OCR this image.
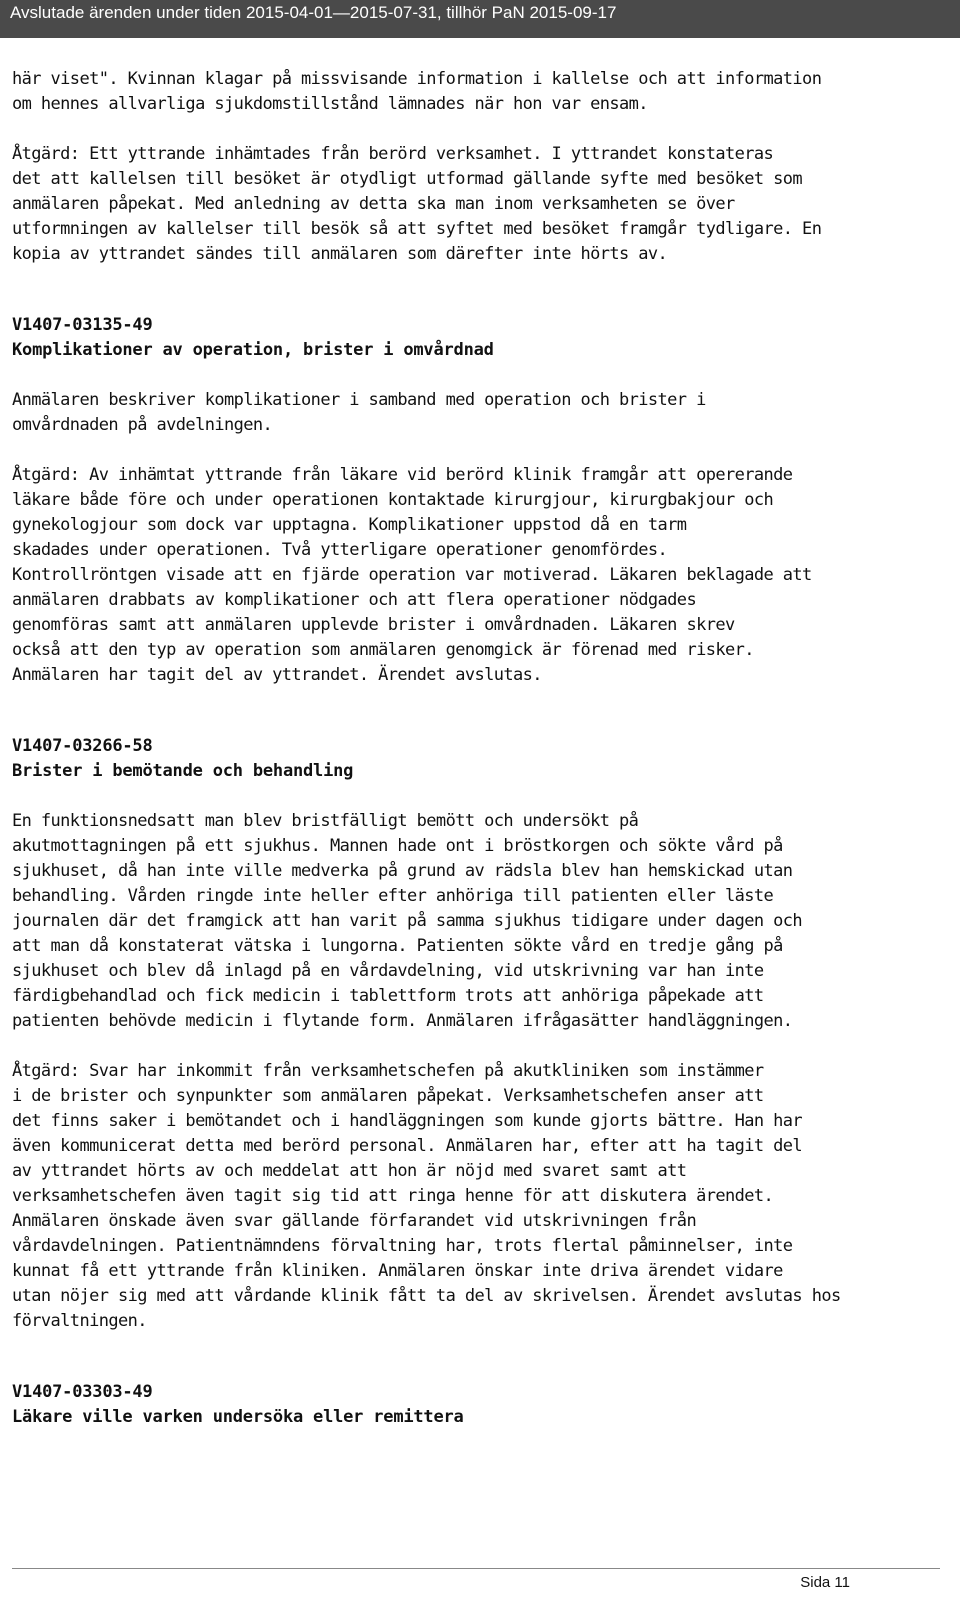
Avslutade ärenden under tiden 2015-04-01—2015-07-31, tillhör PaN 2015-09-17

här viset". Kvinnan klagar på missvisande information i kallelse och att information
om hennes allvarliga sjukdomstillstånd lämnades när hon var ensam.

Åtgärd: Ett yttrande inhämtades från berörd verksamhet. I yttrandet konstateras
det att kallelsen till besöket är otydligt utformad gällande syfte med besöket som
anmälaren påpekat. Med anledning av detta ska man inom verksamheten se över
utformningen av kallelser till besök så att syftet med besöket framgår tydligare. En
kopia av yttrandet sändes till anmälaren som därefter inte hörts av.

V1407-03135-49
Komplikationer av operation, brister i omvårdnad

Anmälaren beskriver komplikationer i samband med operation och brister i
omvårdnaden på avdelningen.

Åtgärd: Av inhämtat yttrande från läkare vid berörd klinik framgår att opererande
läkare både före och under operationen kontaktade kirurgjour, kirurgbakjour och
gynekologjour som dock var upptagna. Komplikationer uppstod då en tarm
skadades under operationen. Två ytterligare operationer genomfördes.
Kontrollröntgen visade att en fjärde operation var motiverad. Läkaren beklagade att
anmälaren drabbats av komplikationer och att flera operationer nödgades
genomföras samt att anmälaren upplevde brister i omvårdnaden. Läkaren skrev
också att den typ av operation som anmälaren genomgick är förenad med risker.
Anmälaren har tagit del av yttrandet. Ärendet avslutas.

V1407-03266-58
Brister i bemötande och behandling

En funktionsnedsatt man blev bristfälligt bemött och undersökt på
akutmottagningen på ett sjukhus. Mannen hade ont i bröstkorgen och sökte vård på
sjukhuset, då han inte ville medverka på grund av rädsla blev han hemskickad utan
behandling. Vården ringde inte heller efter anhöriga till patienten eller läste
journalen där det framgick att han varit på samma sjukhus tidigare under dagen och
att man då konstaterat vätska i lungorna. Patienten sökte vård en tredje gång på
sjukhuset och blev då inlagd på en vårdavdelning, vid utskrivning var han inte
färdigbehandlad och fick medicin i tablettform trots att anhöriga påpekade att
patienten behövde medicin i flytande form. Anmälaren ifrågasätter handläggningen.

Åtgärd: Svar har inkommit från verksamhetschefen på akutkliniken som instämmer
i de brister och synpunkter som anmälaren påpekat. Verksamhetschefen anser att
det finns saker i bemötandet och i handläggningen som kunde gjorts bättre. Han har
även kommunicerat detta med berörd personal. Anmälaren har, efter att ha tagit del
av yttrandet hörts av och meddelat att hon är nöjd med svaret samt att
verksamhetschefen även tagit sig tid att ringa henne för att diskutera ärendet.
Anmälaren önskade även svar gällande förfarandet vid utskrivningen från
vårdavdelningen. Patientnämndens förvaltning har, trots flertal påminnelser, inte
kunnat få ett yttrande från kliniken. Anmälaren önskar inte driva ärendet vidare
utan nöjer sig med att vårdande klinik fått ta del av skrivelsen. Ärendet avslutas hos
förvaltningen.

V1407-03303-49
Läkare ville varken undersöka eller remittera
Sida 11
